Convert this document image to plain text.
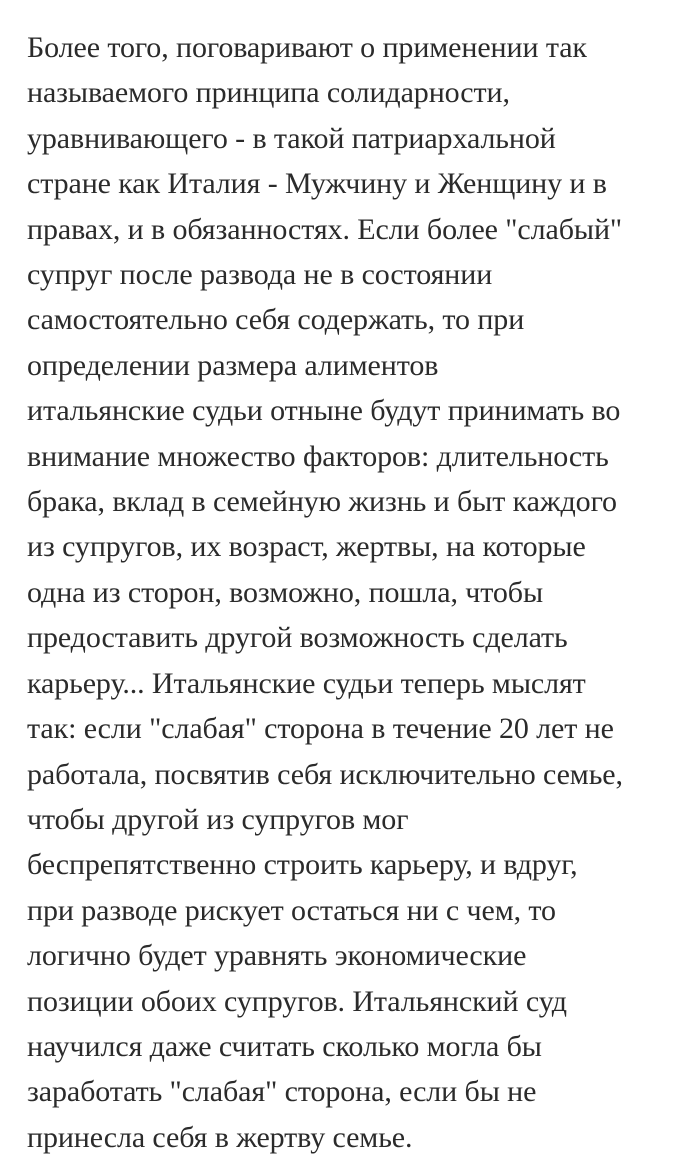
Более того, поговаривают о применении так
называемого принципа солидарности,
уравнивающего - в такой патриархальной
стране как Италия - Мужчину и Женщину и в
правах, и в обязанностях. Если более "слабый"
супруг после развода не в состоянии
самостоятельно себя содержать, то при
определении размера алиментов
итальянские судьи отныне будут принимать во
внимание множество факторов: длительность
брака, вклад в семейную жизнь и быт каждого
из супругов, их возраст, жертвы, на которые
одна из сторон, возможно, пошла, чтобы
предоставить другой возможность сделать
карьеру... Итальянские судьи теперь мыслят
так: если "слабая" сторона в течение 20 лет не
работала, посвятив себя исключительно семье,
чтобы другой из супругов мог
беспрепятственно строить карьеру, и вдруг,
при разводе рискует остаться ни с чем, то
логично будет уравнять экономические
позиции обоих супругов. Итальянский суд
научился даже считать сколько могла бы
заработать "слабая" сторона, если бы не
принесла себя в жертву семье.
